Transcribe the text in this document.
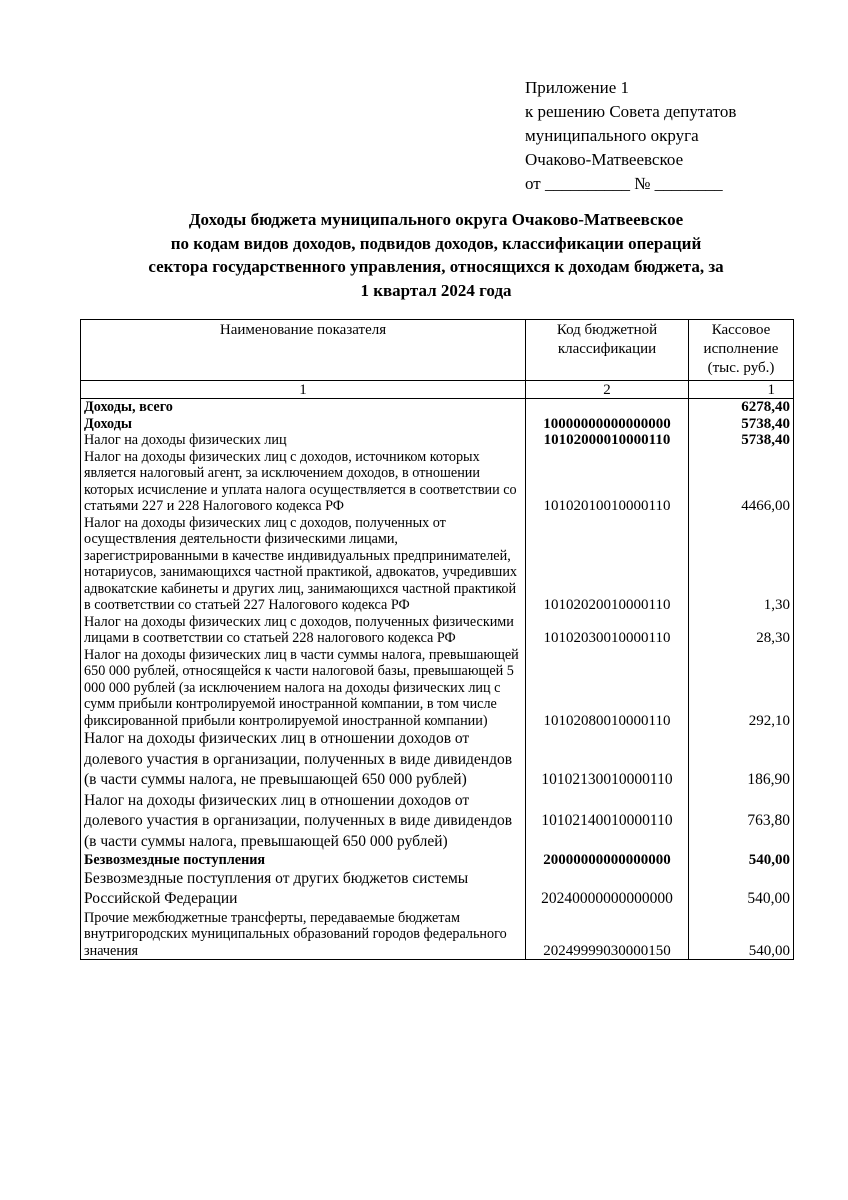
Приложение 1
к решению Совета депутатов
муниципального округа
Очаково-Матвеевское
от __________ № ________
Доходы бюджета муниципального округа Очаково-Матвеевское
по кодам видов доходов, подвидов доходов, классификации операций
сектора государственного управления, относящихся к доходам бюджета, за
1 квартал 2024 года
Наименование показателя	Код бюджетной классификации	Кассовое исполнение (тыс. руб.)
1	2	1
Доходы, всего		6278,40
Доходы	10000000000000000	5738,40
Налог на доходы физических лиц	10102000010000110	5738,40
Налог на доходы физических лиц с доходов, источником которых является налоговый агент, за исключением доходов, в отношении которых исчисление и уплата налога осуществляется в соответствии со статьями 227 и 228 Налогового кодекса РФ	10102010010000110	4466,00
Налог на доходы физических лиц с доходов, полученных от осуществления деятельности физическими лицами, зарегистрированными в качестве индивидуальных предпринимателей, нотариусов, занимающихся частной практикой, адвокатов, учредивших адвокатские кабинеты и других лиц, занимающихся частной практикой в соответствии со статьей 227 Налогового кодекса РФ	10102020010000110	1,30
Налог на доходы физических лиц с доходов, полученных физическими лицами в соответствии со статьей 228 налогового кодекса РФ	10102030010000110	28,30
Налог на доходы физических лиц в части суммы налога, превышающей 650 000 рублей, относящейся к части налоговой базы, превышающей 5 000 000 рублей (за исключением налога на доходы физических лиц с сумм прибыли контролируемой иностранной компании, в том числе фиксированной прибыли контролируемой иностранной компании)	10102080010000110	292,10
Налог на доходы физических лиц в отношении доходов от долевого участия в организации, полученных в виде дивидендов (в части суммы налога, не превышающей 650 000 рублей)	10102130010000110	186,90
Налог на доходы физических лиц в отношении доходов от долевого участия в организации, полученных в виде дивидендов (в части суммы налога, превышающей 650 000 рублей)	10102140010000110	763,80
Безвозмездные поступления	20000000000000000	540,00
Безвозмездные поступления от других бюджетов системы Российской Федерации	20240000000000000	540,00
Прочие межбюджетные трансферты, передаваемые бюджетам внутригородских муниципальных образований городов федерального значения	20249999030000150	540,00
